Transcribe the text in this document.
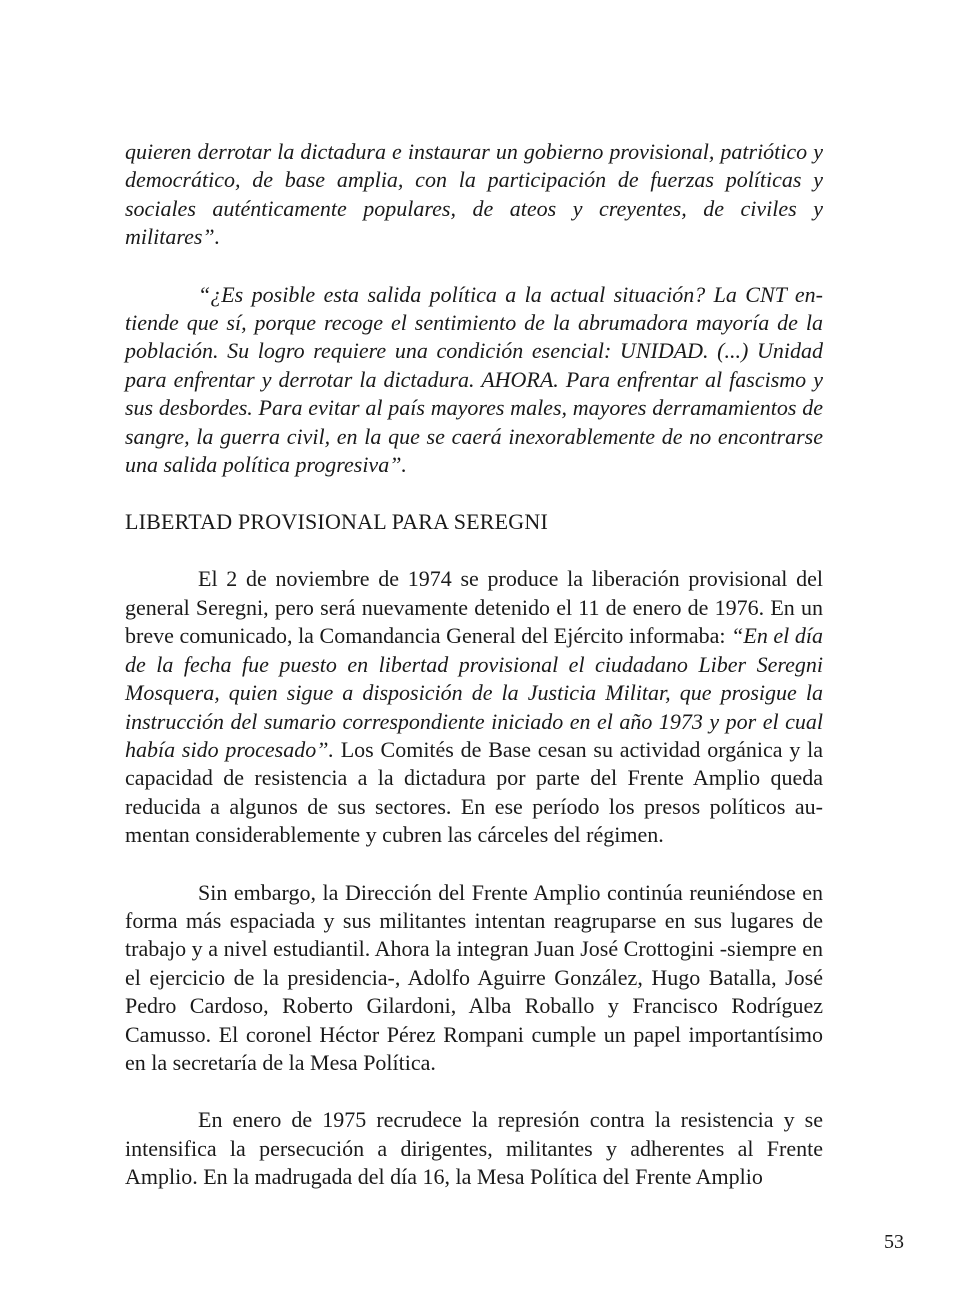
quieren derrotar la dictadura e instaurar un gobierno provisional, patriótico y democrático, de base amplia, con la participación de fuerzas políticas y sociales auténticamente populares, de ateos y creyentes, de civiles y militares”.

“¿Es posible esta salida política a la actual situación? La CNT entiende que sí, porque recoge el sentimiento de la abrumadora mayoría de la población. Su logro requiere una condición esencial: UNIDAD. (...) Unidad para enfrentar y derrotar la dictadura. AHORA. Para enfrentar al fascismo y sus desbordes. Para evitar al país mayores males, mayores derramamientos de sangre, la guerra civil, en la que se caerá inexorablemente de no encontrarse una salida política progresiva”.

LIBERTAD PROVISIONAL PARA SEREGNI

El 2 de noviembre de 1974 se produce la liberación provisional del general Seregni, pero será nuevamente detenido el 11 de enero de 1976. En un breve comunicado, la Comandancia General del Ejército informaba: “En el día de la fecha fue puesto en libertad provisional el ciudadano Liber Seregni Mosquera, quien sigue a disposición de la Justicia Militar, que prosigue la instrucción del sumario correspondiente iniciado en el año 1973 y por el cual había sido procesado”. Los Comités de Base cesan su actividad orgánica y la capacidad de resistencia a la dictadura por parte del Frente Amplio queda reducida a algunos de sus sectores. En ese período los presos políticos aumentan considerablemente y cubren las cárceles del régimen.

Sin embargo, la Dirección del Frente Amplio continúa reuniéndose en forma más espaciada y sus militantes intentan reagruparse en sus lugares de trabajo y a nivel estudiantil. Ahora la integran Juan José Crottogini -siempre en el ejercicio de la presidencia-, Adolfo Aguirre González, Hugo Batalla, José Pedro Cardoso, Roberto Gilardoni, Alba Roballo y Francisco Rodríguez Camusso. El coronel Héctor Pérez Rompani cumple un papel importantísimo en la secretaría de la Mesa Política.

En enero de 1975 recrudece la represión contra la resistencia y se intensifica la persecución a dirigentes, militantes y adherentes al Frente Amplio. En la madrugada del día 16, la Mesa Política del Frente Amplio

53
